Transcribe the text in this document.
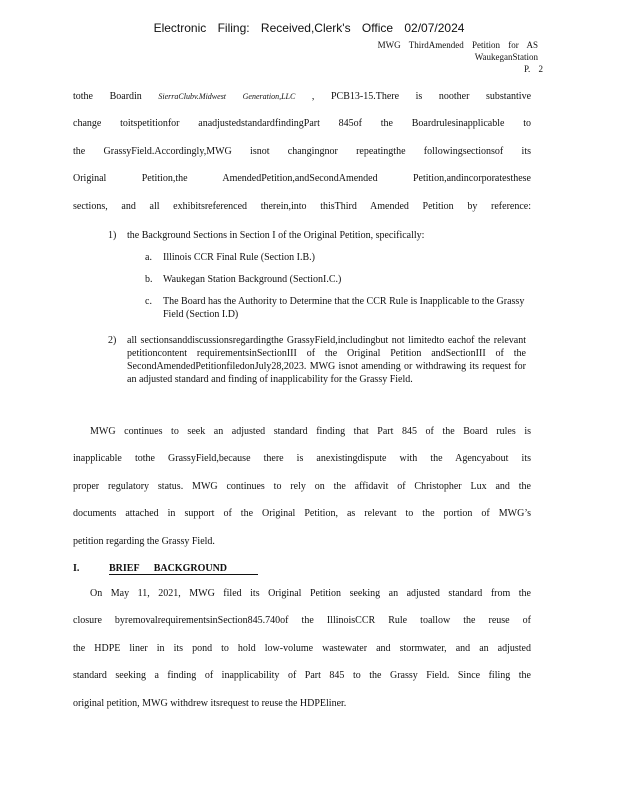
Electronic Filing: Received,Clerk's Office 02/07/2024
MWG ThirdAmended Petition for AS
WaukeganStation
P. 2

tothe Boardin SierraClubv.Midwest Generation,LLC , PCB13-15.There is noother substantive

change toitspetitionfor anadjustedstandardfindingPart 845of the Boardrulesinapplicable to

the GrassyField.Accordingly,MWG isnot changingnor repeatingthe followingsectionsof its

Original Petition,the AmendedPetition,andSecondAmended Petition,andincorporatesthese

sections, and all exhibitsreferenced therein,into thisThird Amended Petition by reference:

1) the Background Sections in Section I of the Original Petition, specifically:

a. Illinois CCR Final Rule (Section I.B.)
b. Waukegan Station Background (SectionI.C.)
c. The Board has the Authority to Determine that the CCR Rule is Inapplicable to the Grassy Field (Section I.D)

2) all sectionsanddiscussionsregardingthe GrassyField,includingbut not limitedto eachof the relevant petitioncontent requirementsinSectionIII of the Original Petition andSectionIII of the SecondAmendedPetitionfiledonJuly28,2023. MWG isnot amending or withdrawing its request for an adjusted standard and finding of inapplicability for the Grassy Field.

MWG continues to seek an adjusted standard finding that Part 845 of the Board rules is

inapplicable tothe GrassyField,because there is anexistingdispute with the Agencyabout its

proper regulatory status. MWG continues to rely on the affidavit of Christopher Lux and the

documents attached in support of the Original Petition, as relevant to the portion of MWG’s

petition regarding the Grassy Field.

I.	BRIEF BACKGROUND

On May 11, 2021, MWG filed its Original Petition seeking an adjusted standard from the

closure byremovalrequirementsinSection845.740of the IllinoisCCR Rule toallow the reuse of

the HDPE liner in its pond to hold low-volume wastewater and stormwater, and an adjusted

standard seeking a finding of inapplicability of Part 845 to the Grassy Field. Since filing the

original petition, MWG withdrew itsrequest to reuse the HDPEliner.
